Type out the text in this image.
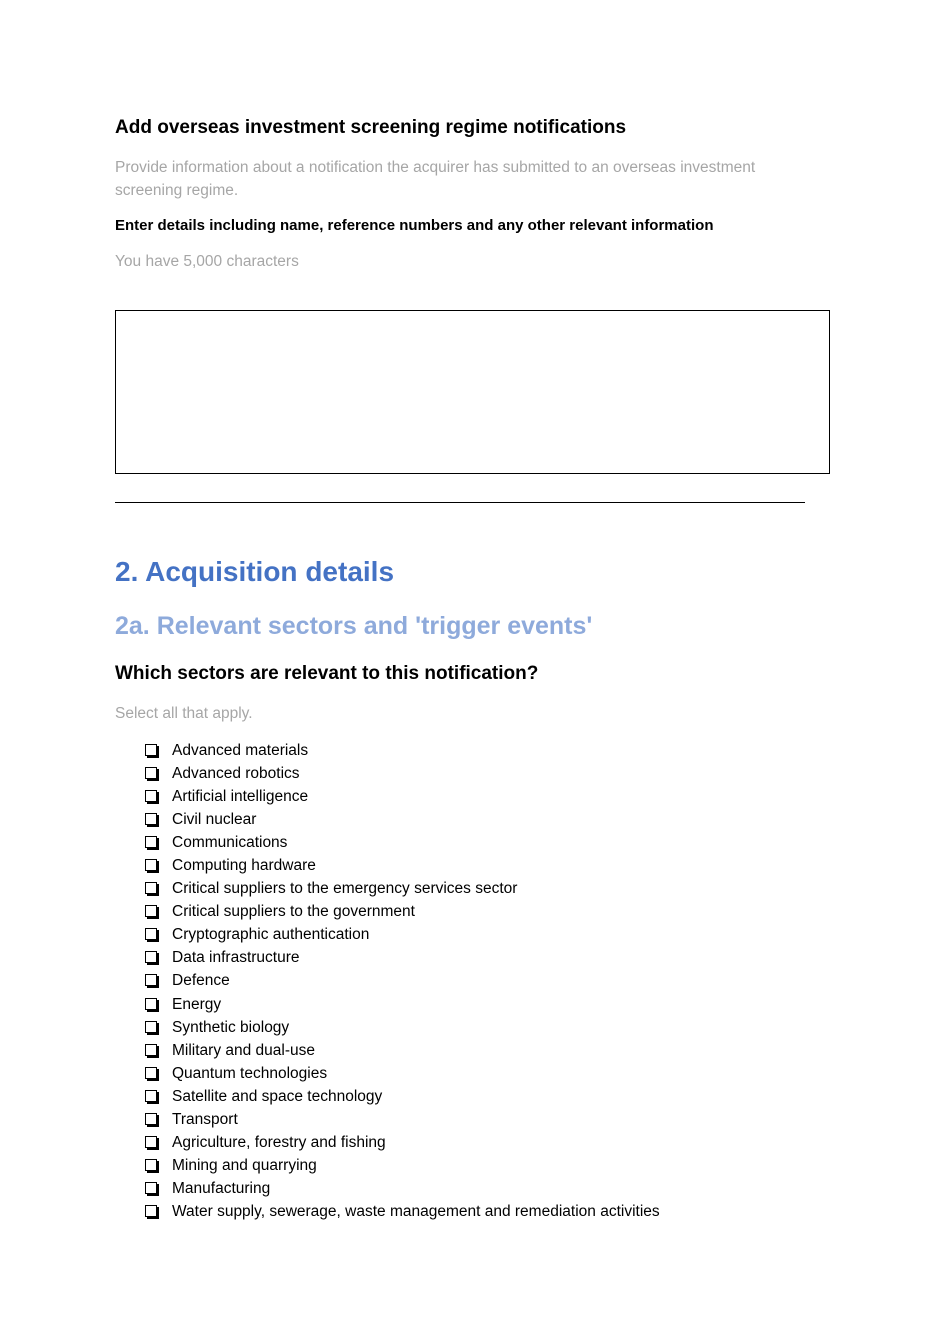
Add overseas investment screening regime notifications

Provide information about a notification the acquirer has submitted to an overseas investment screening regime.

Enter details including name, reference numbers and any other relevant information

You have 5,000 characters

2. Acquisition details
2a. Relevant sectors and 'trigger events'
Which sectors are relevant to this notification?

Select all that apply.

Advanced materials
Advanced robotics
Artificial intelligence
Civil nuclear
Communications
Computing hardware
Critical suppliers to the emergency services sector
Critical suppliers to the government
Cryptographic authentication
Data infrastructure
Defence
Energy
Synthetic biology
Military and dual-use
Quantum technologies
Satellite and space technology
Transport
Agriculture, forestry and fishing
Mining and quarrying
Manufacturing
Water supply, sewerage, waste management and remediation activities
